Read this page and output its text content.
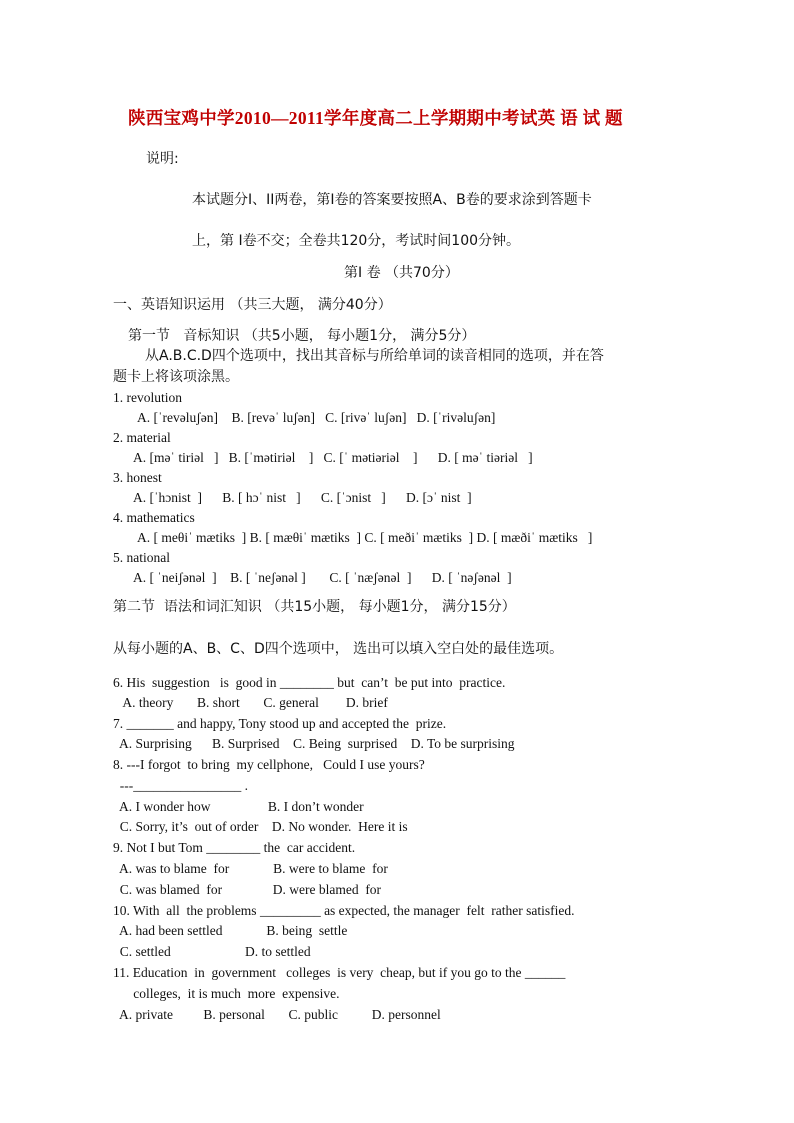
陕西宝鸡中学2010—2011学年度高二上学期期中考试英 语 试 题
说明:
本试题分Ⅰ、II两卷，第Ⅰ卷的答案要按照A、B卷的要求涂到答题卡
上，第 Ⅰ卷不交；全卷共120分，考试时间100分钟。
第Ⅰ 卷 （共70分）
一、英语知识运用 （共三大题， 满分40分）
第一节   音标知识 （共5小题， 每小题1分， 满分5分）
从A.B.C.D四个选项中，找出其音标与所给单词的读音相同的选项，并在答
题卡上将该项涂黑。
1. revolution
A. [ˈrevəluʃən]    B. [revəˈ luʃən]   C. [rivəˈ luʃən]   D. [ˈrivəluʃən]
2. material
A. [məˈ tiriəl   ]   B. [ˈmətiriəl    ]   C. [ˈ mətiəriəl    ]      D. [ məˈ tiəriəl   ]
3. honest
A. [ˈhɔnist  ]      B. [ hɔˈ nist   ]      C. [ˈɔnist   ]      D. [ɔˈ nist  ]
4. mathematics
A. [ meθiˈ mætiks  ] B. [ mæθiˈ mætiks  ] C. [ meðiˈ mætiks  ] D. [ mæðiˈ mætiks   ]
5. national
A. [ ˈneiʃənəl  ]    B. [ ˈneʃənəl ]       C. [ ˈnæʃənəl  ]      D. [ ˈnəʃənəl  ]
第二节  语法和词汇知识 （共15小题， 每小题1分， 满分15分）
从每小题的A、B、C、D四个选项中， 选出可以填入空白处的最佳选项。
6. His  suggestion   is  good in ________ but  can’t  be put into  practice.
A. theory       B. short       C. general        D. brief
7. _______ and happy, Tony stood up and accepted the  prize.
A. Surprising      B. Surprised    C. Being  surprised    D. To be surprising
8. ---I forgot  to bring  my cellphone,   Could I use yours?
---________________ .
A. I wonder how                 B. I don’t wonder
C. Sorry, it’s  out of order    D. No wonder.  Here it is
9. Not I but Tom ________ the  car accident.
A. was to blame  for             B. were to blame  for
C. was blamed  for               D. were blamed  for
10. With  all  the problems _________ as expected, the manager  felt  rather satisfied.
A. had been settled             B. being  settle
C. settled                      D. to settled
11. Education  in  government   colleges  is very  cheap, but if you go to the ______
colleges,  it is much  more  expensive.
A. private         B. personal       C. public          D. personnel
